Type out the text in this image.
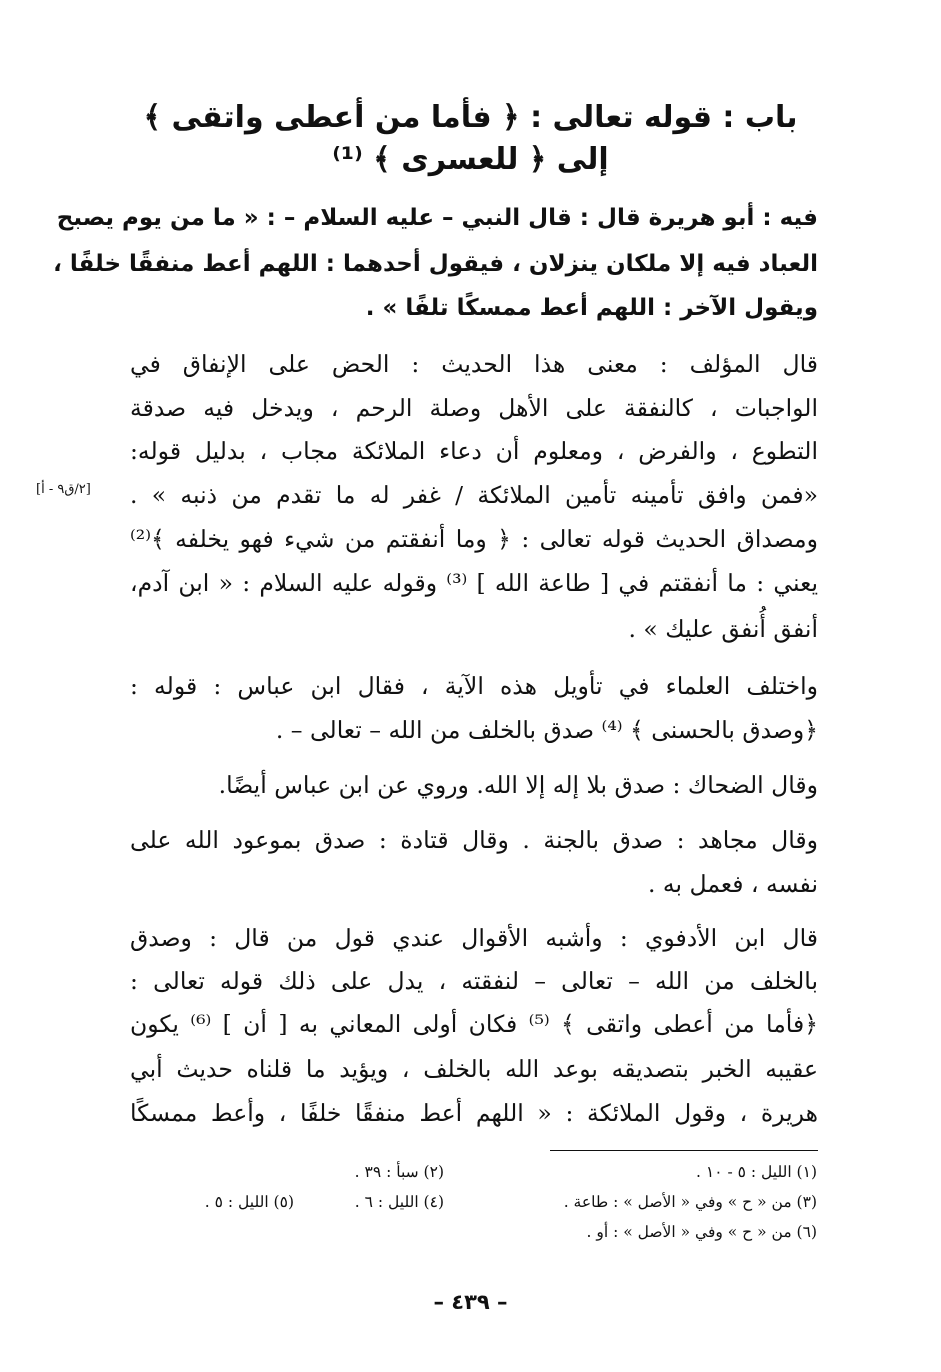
باب : قوله تعالى : ﴿ فأما من أعطى واتقى ﴾
إلى ﴿ للعسرى ﴾ ⁽¹⁾
فيه : أبو هريرة قال : قال النبي – عليه السلام – : « ما من يوم يصبح
العباد فيه إلا ملكان ينزلان ، فيقول أحدهما : اللهم أعط منفقًا خلفًا ،
ويقول الآخر : اللهم أعط ممسكًا تلفًا » .
قال المؤلف : معنى هذا الحديث : الحض على الإنفاق في
الواجبات ، كالنفقة على الأهل وصلة الرحم ، ويدخل فيه صدقة
التطوع ، والفرض ، ومعلوم أن دعاء الملائكة مجاب ، بدليل قوله:
«فمن وافق تأمينه تأمين الملائكة / غفر له ما تقدم من ذنبه » .
ومصداق الحديث قوله تعالى : ﴿ وما أنفقتم من شيء فهو يخلفه ﴾⁽²⁾
يعني : ما أنفقتم في [ طاعة الله ] ⁽³⁾ وقوله عليه السلام : « ابن آدم،
أنفق أُنفق عليك » .
واختلف العلماء في تأويل هذه الآية ، فقال ابن عباس : قوله :
﴿وصدق بالحسنى ﴾ ⁽⁴⁾ صدق بالخلف من الله – تعالى – .
وقال الضحاك : صدق بلا إله إلا الله. وروي عن ابن عباس أيضًا.
وقال مجاهد : صدق بالجنة . وقال قتادة : صدق بموعود الله على
نفسه ، فعمل به .
قال ابن الأدفوي : وأشبه الأقوال عندي قول من قال : وصدق
بالخلف من الله – تعالى – لنفقته ، يدل على ذلك قوله تعالى :
﴿فأما من أعطى واتقى ﴾ ⁽⁵⁾ فكان أولى المعاني به [ أن ] ⁽⁶⁾ يكون
عقيبه الخبر بتصديقه بوعد الله بالخلف ، ويؤيد ما قلناه حديث أبي
هريرة ، وقول الملائكة : « اللهم أعط منفقًا خلفًا ، وأعط ممسكًا
[٢/ق٩ - أ]
(١) الليل : ٥ - ١٠ .
(٢) سبأ : ٣٩ .
(٣) من « ح » وفي « الأصل » : طاعة .
(٤) الليل : ٦ .
(٥) الليل : ٥ .
(٦) من « ح » وفي « الأصل » : أو .
– ٤٣٩ –
